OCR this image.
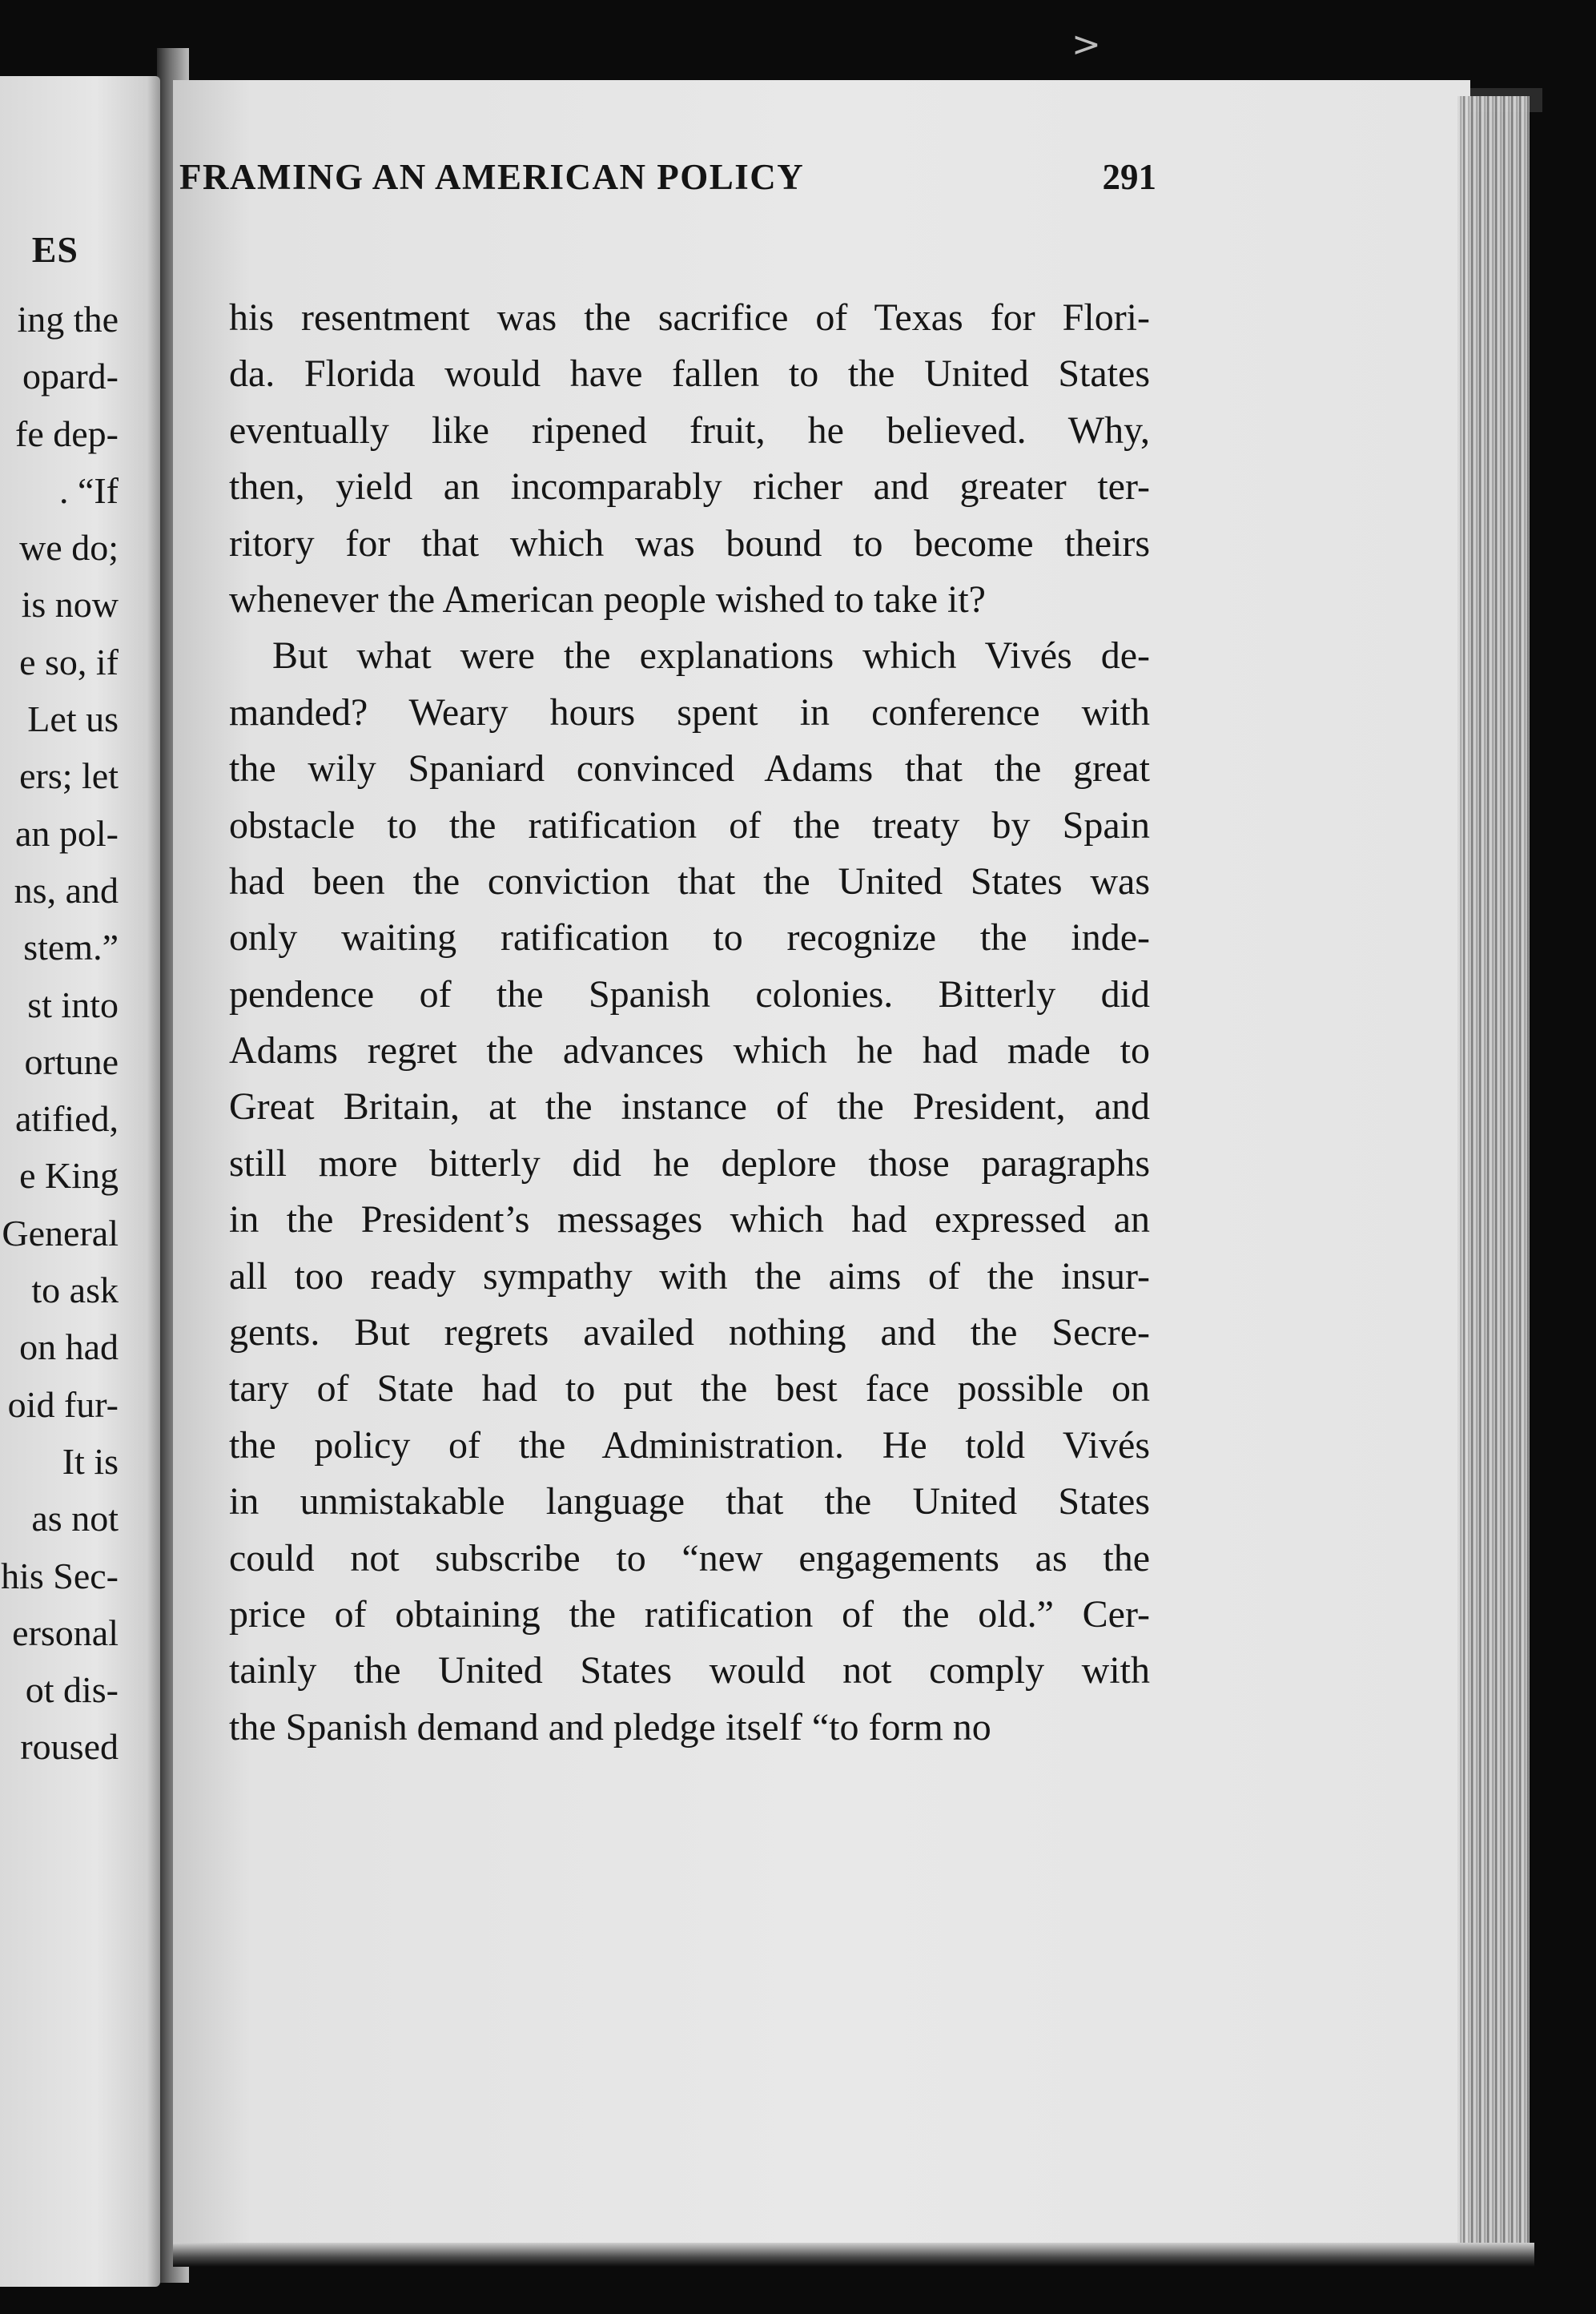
>
ES
ing the
opard-
fe dep-
. “If
we do;
is now
e so, if
Let us
ers; let
an pol-
ns, and
stem.”
st into
ortune
atified,
e King
General
to ask
on had
oid fur-
It is
as not
his Sec-
ersonal
ot dis-
roused
his resentment was the sacrifice of Texas for Flori-
da. Florida would have fallen to the United States
eventually like ripened fruit, he believed. Why,
then, yield an incomparably richer and greater ter-
ritory for that which was bound to become theirs
whenever the American people wished to take it?
But what were the explanations which Vivés de-
manded? Weary hours spent in conference with
the wily Spaniard convinced Adams that the great
obstacle to the ratification of the treaty by Spain
had been the conviction that the United States was
only waiting ratification to recognize the inde-
pendence of the Spanish colonies. Bitterly did
Adams regret the advances which he had made to
Great Britain, at the instance of the President, and
still more bitterly did he deplore those paragraphs
in the President’s messages which had expressed an
all too ready sympathy with the aims of the insur-
gents. But regrets availed nothing and the Secre-
tary of State had to put the best face possible on
the policy of the Administration. He told Vivés
in unmistakable language that the United States
could not subscribe to “new engagements as the
price of obtaining the ratification of the old.” Cer-
tainly the United States would not comply with
the Spanish demand and pledge itself “to form no
FRAMING AN AMERICAN POLICY	291
